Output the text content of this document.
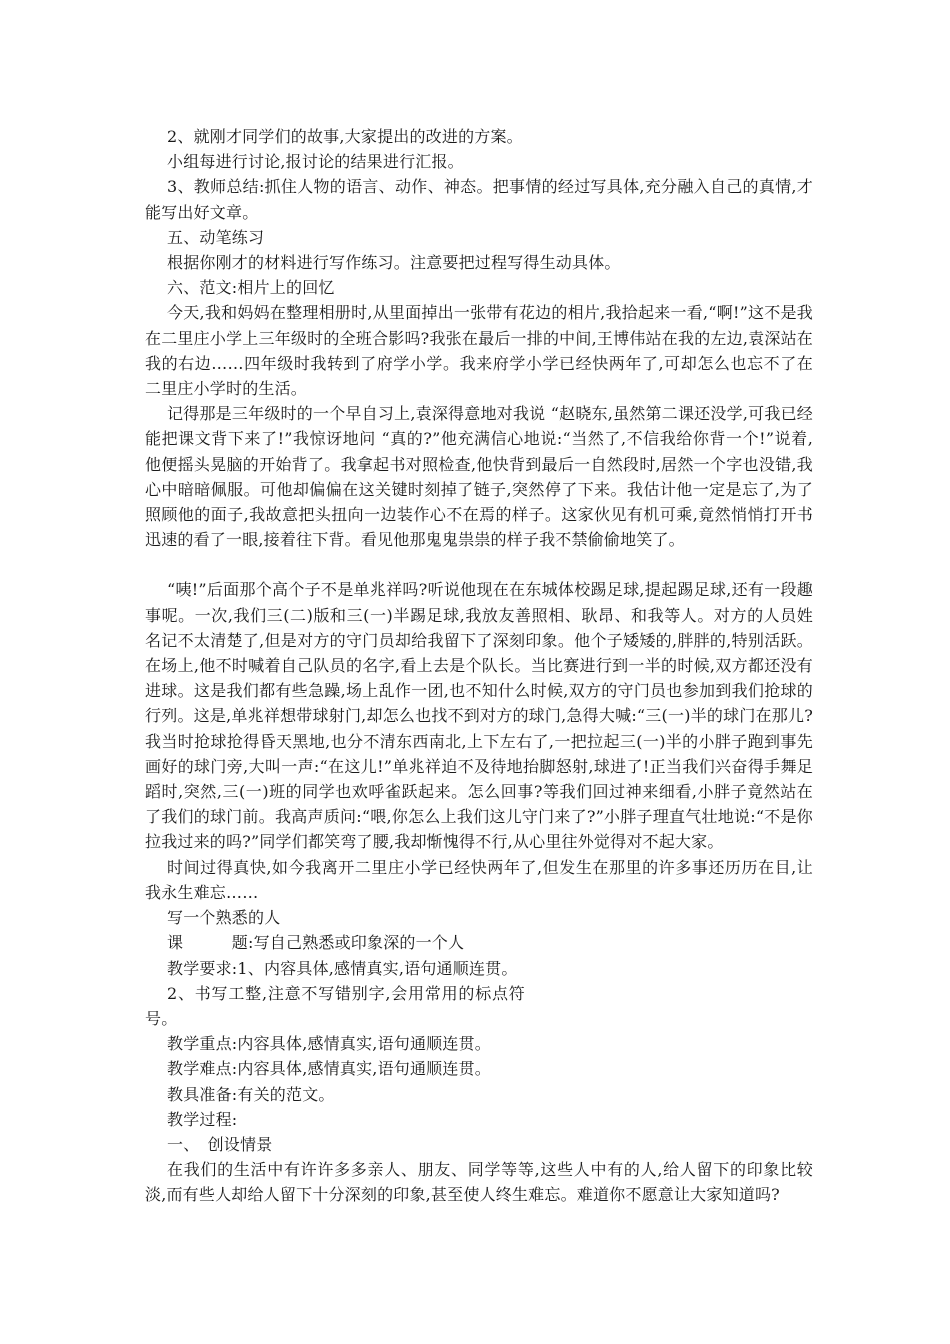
2、就刚才同学们的故事,大家提出的改进的方案。

小组每进行讨论,报讨论的结果进行汇报。

3、教师总结:抓住人物的语言、动作、神态。把事情的经过写具体,充分融入自己的真情,才能写出好文章。

五、动笔练习

根据你刚才的材料进行写作练习。注意要把过程写得生动具体。

六、范文:相片上的回忆

今天,我和妈妈在整理相册时,从里面掉出一张带有花边的相片,我拾起来一看,“啊!”这不是我在二里庄小学上三年级时的全班合影吗?我张在最后一排的中间,王博伟站在我的左边,袁深站在我的右边……四年级时我转到了府学小学。我来府学小学已经快两年了,可却怎么也忘不了在二里庄小学时的生活。

记得那是三年级时的一个早自习上,袁深得意地对我说 “赵晓东,虽然第二课还没学,可我已经能把课文背下来了!”我惊讶地问 “真的?”他充满信心地说:“当然了,不信我给你背一个!”说着,他便摇头晃脑的开始背了。我拿起书对照检查,他快背到最后一自然段时,居然一个字也没错,我心中暗暗佩服。可他却偏偏在这关键时刻掉了链子,突然停了下来。我估计他一定是忘了,为了照顾他的面子,我故意把头扭向一边装作心不在焉的样子。这家伙见有机可乘,竟然悄悄打开书迅速的看了一眼,接着往下背。看见他那鬼鬼祟祟的样子我不禁偷偷地笑了。

“咦!”后面那个高个子不是单兆祥吗?听说他现在在东城体校踢足球,提起踢足球,还有一段趣事呢。一次,我们三(二)版和三(一)半踢足球,我放友善照相、耿昂、和我等人。对方的人员姓名记不太清楚了,但是对方的守门员却给我留下了深刻印象。他个子矮矮的,胖胖的,特别活跃。在场上,他不时喊着自己队员的名字,看上去是个队长。当比赛进行到一半的时候,双方都还没有进球。这是我们都有些急躁,场上乱作一团,也不知什么时候,双方的守门员也参加到我们抢球的行列。这是,单兆祥想带球射门,却怎么也找不到对方的球门,急得大喊:“三(一)半的球门在那儿?我当时抢球抢得昏天黑地,也分不清东西南北,上下左右了,一把拉起三(一)半的小胖子跑到事先画好的球门旁,大叫一声:“在这儿!”单兆祥迫不及待地抬脚怒射,球进了!正当我们兴奋得手舞足蹈时,突然,三(一)班的同学也欢呼雀跃起来。怎么回事?等我们回过神来细看,小胖子竟然站在了我们的球门前。我高声质问:“喂,你怎么上我们这儿守门来了?”小胖子理直气壮地说:“不是你拉我过来的吗?”同学们都笑弯了腰,我却惭愧得不行,从心里往外觉得对不起大家。

时间过得真快,如今我离开二里庄小学已经快两年了,但发生在那里的许多事还历历在目,让我永生难忘……

写一个熟悉的人

课　　　题:写自己熟悉或印象深的一个人

教学要求:1、内容具体,感情真实,语句通顺连贯。

2、书写工整,注意不写错别字,会用常用的标点符号。

教学重点:内容具体,感情真实,语句通顺连贯。

教学难点:内容具体,感情真实,语句通顺连贯。

教具准备:有关的范文。

教学过程:

一、　创设情景

在我们的生活中有许许多多亲人、朋友、同学等等,这些人中有的人,给人留下的印象比较淡,而有些人却给人留下十分深刻的印象,甚至使人终生难忘。难道你不愿意让大家知道吗?
